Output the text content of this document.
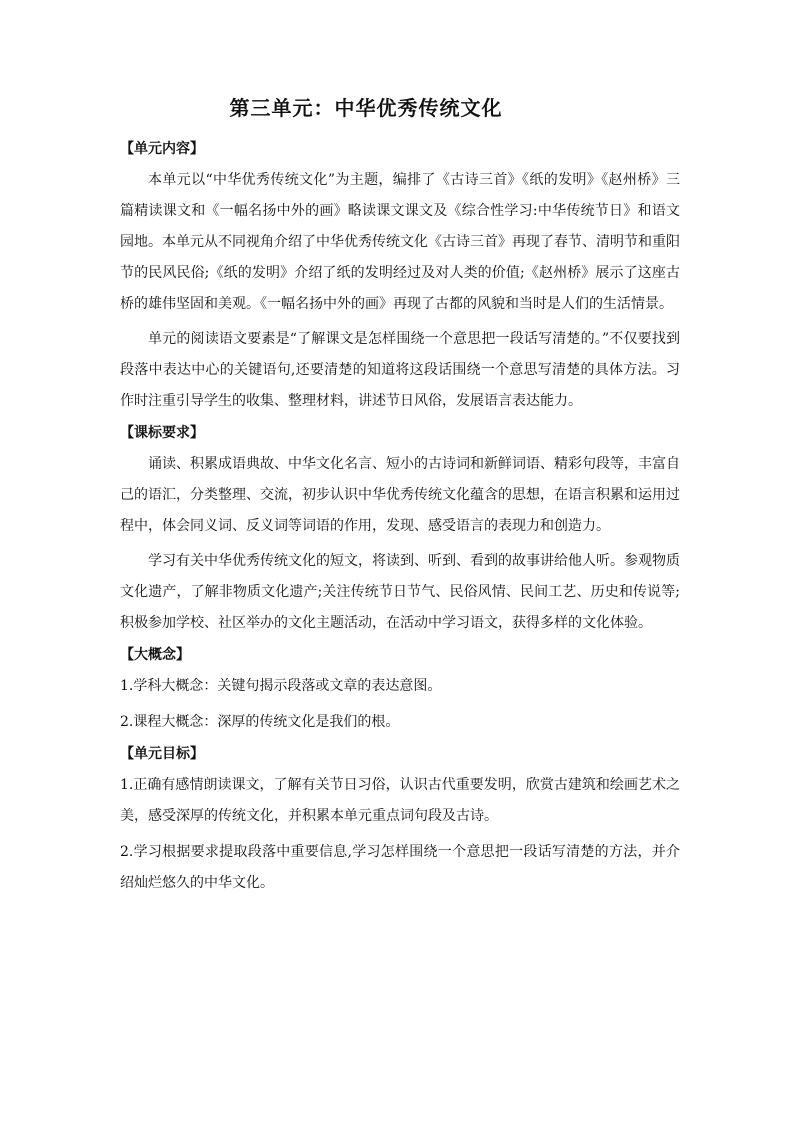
第三单元：中华优秀传统文化
【单元内容】

本单元以“中华优秀传统文化”为主题，编排了《古诗三首》《纸的发明》《赵州桥》三篇精读课文和《一幅名扬中外的画》略读课文课文及《综合性学习:中华传统节日》和语文园地。本单元从不同视角介绍了中华优秀传统文化《古诗三首》再现了春节、清明节和重阳节的民风民俗;《纸的发明》介绍了纸的发明经过及对人类的价值;《赵州桥》展示了这座古桥的雄伟坚固和美观。《一幅名扬中外的画》再现了古都的风貌和当时是人们的生活情景。

单元的阅读语文要素是“了解课文是怎样围绕一个意思把一段话写清楚的。”不仅要找到段落中表达中心的关键语句,还要清楚的知道将这段话围绕一个意思写清楚的具体方法。习作时注重引导学生的收集、整理材料，讲述节日风俗，发展语言表达能力。

【课标要求】

诵读、积累成语典故、中华文化名言、短小的古诗词和新鲜词语、精彩句段等，丰富自己的语汇，分类整理、交流，初步认识中华优秀传统文化蕴含的思想，在语言积累和运用过程中，体会同义词、反义词等词语的作用，发现、感受语言的表现力和创造力。

学习有关中华优秀传统文化的短文，将读到、听到、看到的故事讲给他人听。参观物质文化遗产，了解非物质文化遗产;关注传统节日节气、民俗风情、民间工艺、历史和传说等;积极参加学校、社区举办的文化主题活动，在活动中学习语文，获得多样的文化体验。

【大概念】

1.学科大概念：关键句揭示段落或文章的表达意图。

2.课程大概念：深厚的传统文化是我们的根。

【单元目标】

1.正确有感情朗读课文，了解有关节日习俗，认识古代重要发明，欣赏古建筑和绘画艺术之美，感受深厚的传统文化，并积累本单元重点词句段及古诗。

2.学习根据要求提取段落中重要信息,学习怎样围绕一个意思把一段话写清楚的方法，并介绍灿烂悠久的中华文化。
